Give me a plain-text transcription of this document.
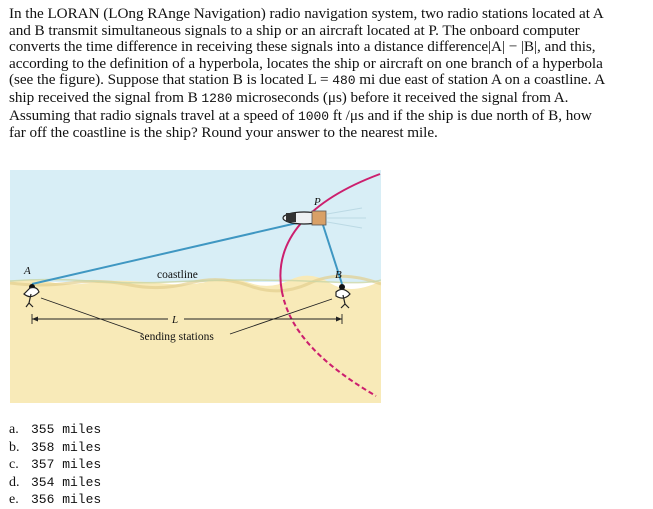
In the LORAN (LOng RAnge Navigation) radio navigation system, two radio stations located at A
and B transmit simultaneous signals to a ship or an aircraft located at P. The onboard computer
converts the time difference in receiving these signals into a distance difference|A| − |B|, and this,
according to the definition of a hyperbola, locates the ship or aircraft on one branch of a hyperbola
(see the figure). Suppose that station B is located L = 480 mi due east of station A on a coastline. A
ship received the signal from B 1280 microseconds (μs) before it received the signal from A.
Assuming that radio signals travel at a speed of 1000 ft /μs and if the ship is due north of B, how
far off the coastline is the ship? Round your answer to the nearest mile.
P
A	B
coastline
L
sending stations
a. 355 miles
b. 358 miles
c. 357 miles
d. 354 miles
e. 356 miles
